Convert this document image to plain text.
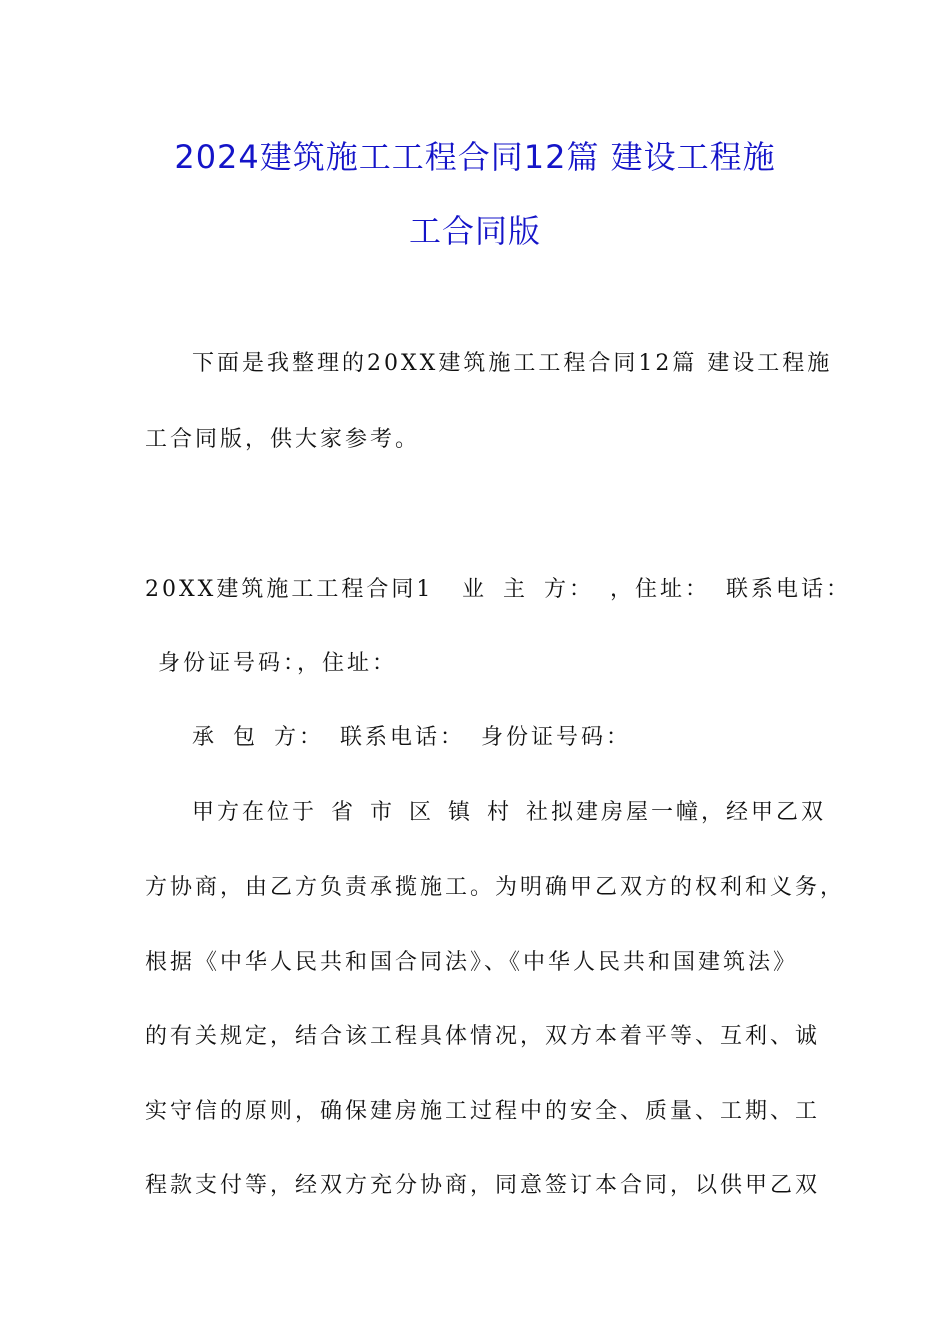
2024建筑施工工程合同12篇 建设工程施
工合同版
下面是我整理的20XX建筑施工工程合同12篇 建设工程施
工合同版，供大家参考。
20XX建筑施工工程合同1 业 主 方： ，住址： 联系电话：
身份证号码：，住址：
承 包 方： 联系电话： 身份证号码：
甲方在位于 省 市 区 镇 村 社拟建房屋一幢，经甲乙双
方协商，由乙方负责承揽施工。为明确甲乙双方的权利和义务，
根据《中华人民共和国合同法》、《中华人民共和国建筑法》
的有关规定，结合该工程具体情况，双方本着平等、互利、诚
实守信的原则，确保建房施工过程中的安全、质量、工期、工
程款支付等，经双方充分协商，同意签订本合同，以供甲乙双
